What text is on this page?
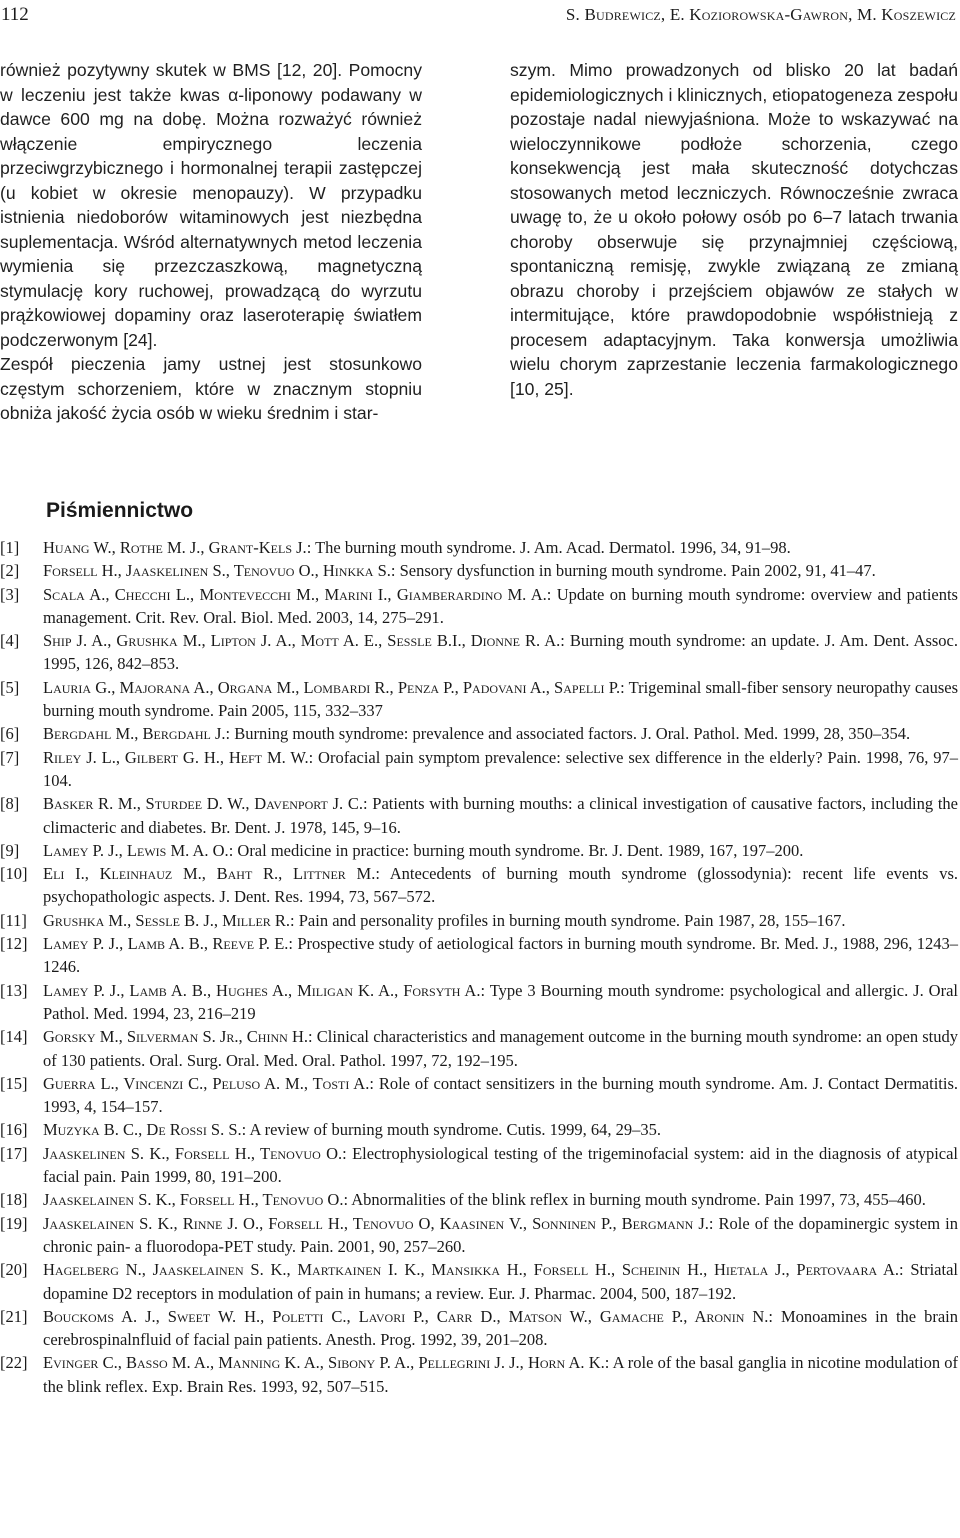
112	S. Budrewicz, E. Koziorowska-Gawron, M. Koszewicz

również pozytywny skutek w BMS [12, 20]. Pomocny w leczeniu jest także kwas α-liponowy podawany w dawce 600 mg na dobę. Można rozważyć również włączenie empirycznego leczenia przeciwgrzybicznego i hormonalnej terapii zastępczej (u kobiet w okresie menopauzy). W przypadku istnienia niedoborów witaminowych jest niezbędna suplementacja. Wśród alternatywnych metod leczenia wymienia się przezczaszkową, magnetyczną stymulację kory ruchowej, prowadzącą do wyrzutu prążkowiowej dopaminy oraz laseroterapię światłem podczerwonym [24].

Zespół pieczenia jamy ustnej jest stosunkowo częstym schorzeniem, które w znacznym stopniu obniża jakość życia osób w wieku średnim i star-

szym. Mimo prowadzonych od blisko 20 lat badań epidemiologicznych i klinicznych, etiopatogeneza zespołu pozostaje nadal niewyjaśniona. Może to wskazywać na wieloczynnikowe podłoże schorzenia, czego konsekwencją jest mała skuteczność dotychczas stosowanych metod leczniczych. Równocześnie zwraca uwagę to, że u około połowy osób po 6–7 latach trwania choroby obserwuje się przynajmniej częściową, spontaniczną remisję, zwykle związaną ze zmianą obrazu choroby i przejściem objawów ze stałych w intermitujące, które prawdopodobnie współistnieją z procesem adaptacyjnym. Taka konwersja umożliwia wielu chorym zaprzestanie leczenia farmakologicznego [10, 25].

Piśmiennictwo
[1] Huang W., Rothe M. J., Grant-Kels J.: The burning mouth syndrome. J. Am. Acad. Dermatol. 1996, 34, 91–98.
[2] Forsell H., Jaaskelinen S., Tenovuo O., Hinkka S.: Sensory dysfunction in burning mouth syndrome. Pain 2002, 91, 41–47.
[3] Scala A., Checchi L., Montevecchi M., Marini I., Giamberardino M. A.: Update on burning mouth syndrome: overview and patients management. Crit. Rev. Oral. Biol. Med. 2003, 14, 275–291.
[4] Ship J. A., Grushka M., Lipton J. A., Mott A. E., Sessle B.I., Dionne R. A.: Burning mouth syndrome: an update. J. Am. Dent. Assoc. 1995, 126, 842–853.
[5] Lauria G., Majorana A., Organa M., Lombardi R., Penza P., Padovani A., Sapelli P.: Trigeminal small-fiber sensory neuropathy causes burning mouth syndrome. Pain 2005, 115, 332–337
[6] Bergdahl M., Bergdahl J.: Burning mouth syndrome: prevalence and associated factors. J. Oral. Pathol. Med. 1999, 28, 350–354.
[7] Riley J. L., Gilbert G. H., Heft M. W.: Orofacial pain symptom prevalence: selective sex difference in the elderly? Pain. 1998, 76, 97–104.
[8] Basker R. M., Sturdee D. W., Davenport J. C.: Patients with burning mouths: a clinical investigation of causative factors, including the climacteric and diabetes. Br. Dent. J. 1978, 145, 9–16.
[9] Lamey P. J., Lewis M. A. O.: Oral medicine in practice: burning mouth syndrome. Br. J. Dent. 1989, 167, 197–200.
[10] Eli I., Kleinhauz M., Baht R., Littner M.: Antecedents of burning mouth syndrome (glossodynia): recent life events vs. psychopathologic aspects. J. Dent. Res. 1994, 73, 567–572.
[11] Grushka M., Sessle B. J., Miller R.: Pain and personality profiles in burning mouth syndrome. Pain 1987, 28, 155–167.
[12] Lamey P. J., Lamb A. B., Reeve P. E.: Prospective study of aetiological factors in burning mouth syndrome. Br. Med. J., 1988, 296, 1243–1246.
[13] Lamey P. J., Lamb A. B., Hughes A., Miligan K. A., Forsyth A.: Type 3 Bourning mouth syndrome: psychological and allergic. J. Oral Pathol. Med. 1994, 23, 216–219
[14] Gorsky M., Silverman S. Jr., Chinn H.: Clinical characteristics and management outcome in the burning mouth syndrome: an open study of 130 patients. Oral. Surg. Oral. Med. Oral. Pathol. 1997, 72, 192–195.
[15] Guerra L., Vincenzi C., Peluso A. M., Tosti A.: Role of contact sensitizers in the burning mouth syndrome. Am. J. Contact Dermatitis. 1993, 4, 154–157.
[16] Muzyka B. C., De Rossi S. S.: A review of burning mouth syndrome. Cutis. 1999, 64, 29–35.
[17] Jaaskelinen S. K., Forsell H., Tenovuo O.: Electrophysiological testing of the trigeminofacial system: aid in the diagnosis of atypical facial pain. Pain 1999, 80, 191–200.
[18] Jaaskelainen S. K., Forsell H., Tenovuo O.: Abnormalities of the blink reflex in burning mouth syndrome. Pain 1997, 73, 455–460.
[19] Jaaskelainen S. K., Rinne J. O., Forsell H., Tenovuo O, Kaasinen V., Sonninen P., Bergmann J.: Role of the dopaminergic system in chronic pain- a fluorodopa-PET study. Pain. 2001, 90, 257–260.
[20] Hagelberg N., Jaaskelainen S. K., Martkainen I. K., Mansikka H., Forsell H., Scheinin H., Hietala J., Pertovaara A.: Striatal dopamine D2 receptors in modulation of pain in humans; a review. Eur. J. Pharmac. 2004, 500, 187–192.
[21] Bouckoms A. J., Sweet W. H., Poletti C., Lavori P., Carr D., Matson W., Gamache P., Aronin N.: Monoamines in the brain cerebrospinalnfluid of facial pain patients. Anesth. Prog. 1992, 39, 201–208.
[22] Evinger C., Basso M. A., Manning K. A., Sibony P. A., Pellegrini J. J., Horn A. K.: A role of the basal ganglia in nicotine modulation of the blink reflex. Exp. Brain Res. 1993, 92, 507–515.
